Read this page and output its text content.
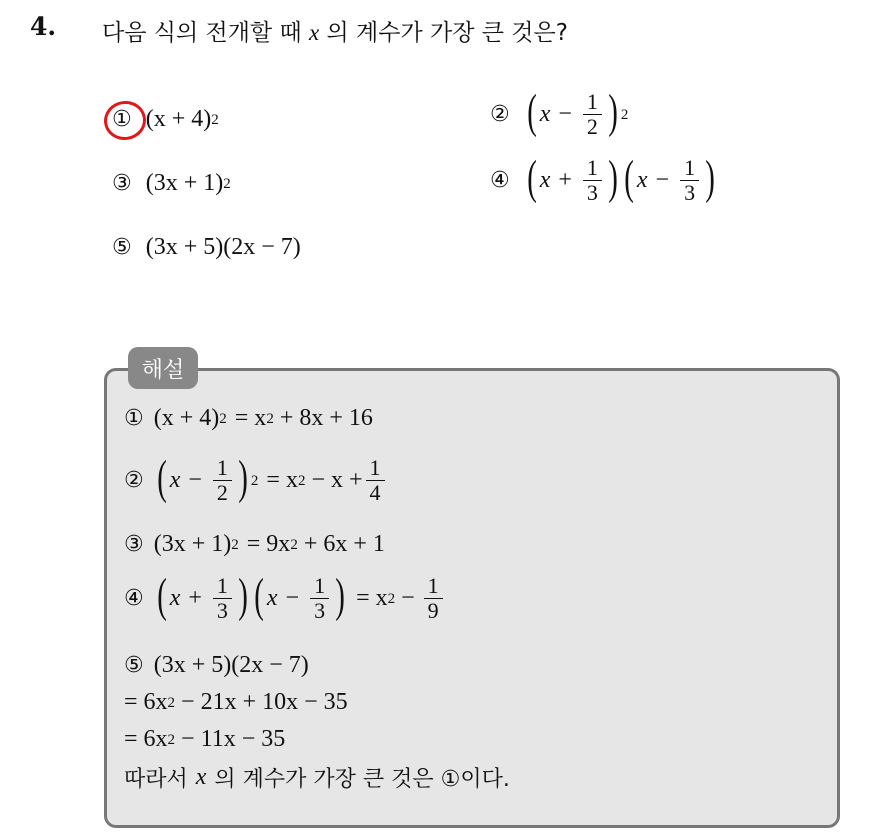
4. 다음 식의 전개할 때 x 의 계수가 가장 큰 것은?
① (x + 4) 2	② ( $x - \frac{1}{2}$ ) 2
③ (3x + 1) 2	④ ( $x + \frac{1}{3}$ ) ( $x - \frac{1}{3}$ )
⑤ (3x + 5)(2x − 7)
해설
① (x + 4) 2 = x 2 + 8x + 16
② ( $x - \frac{1}{2}$ ) 2 = x $2 - x + \frac{1}{4}$
③ (3x + 1) 2 = 9x 2 + 6x + 1
④ ( $x + \frac{1}{3}$ ) ( $x - \frac{1}{3}$ ) = x $2 - \frac{1}{9}$
⑤ (3x + 5)(2x − 7)
= 6x 2 − 21x + 10x − 35
= 6x 2 − 11x − 35
따라서 x 의 계수가 가장 큰 것은 ①이다.
